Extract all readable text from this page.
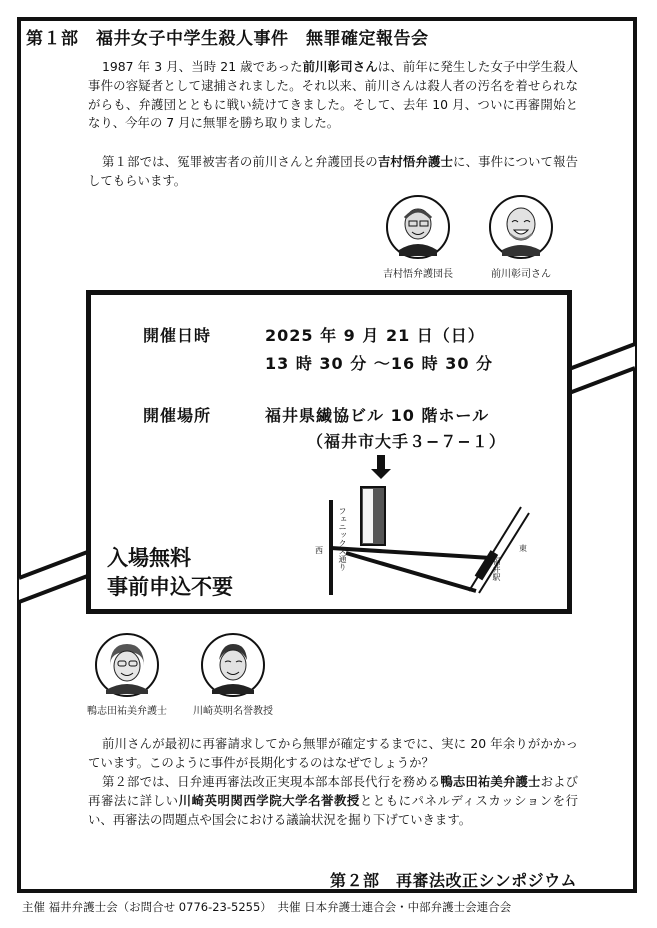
第１部　福井女子中学生殺人事件　無罪確定報告会
1987 年 3 月、当時 21 歳であった前川彰司さんは、前年に発生した女子中学生殺人事件の容疑者として逮捕されました。それ以来、前川さんは殺人者の汚名を着せられながらも、弁護団とともに戦い続けてきました。そして、去年 10 月、ついに再審開始となり、今年の 7 月に無罪を勝ち取りました。
第１部では、冤罪被害者の前川さんと弁護団長の吉村悟弁護士に、事件について報告してもらいます。
吉村悟弁護団長	前川彰司さん
開催日時	2025 年 9 月 21 日（日）
13 時 30 分 ～16 時 30 分
開催場所	福井県繊協ビル 10 階ホール
（福井市大手３−７−１）
入場無料
事前申込不要
西	東
フェニックス通り	福井駅
鴨志田祐美弁護士	川崎英明名誉教授
前川さんが最初に再審請求してから無罪が確定するまでに、実に 20 年余りがかかっています。このように事件が長期化するのはなぜでしょうか？
第２部では、日弁連再審法改正実現本部本部長代行を務める鴨志田祐美弁護士および再審法に詳しい川崎英明関西学院大学名誉教授とともにパネルディスカッションを行い、再審法の問題点や国会における議論状況を掘り下げていきます。
第２部　再審法改正シンポジウム
主催 福井弁護士会（お問合せ 0776-23-5255）　共催 日本弁護士連合会・中部弁護士会連合会
